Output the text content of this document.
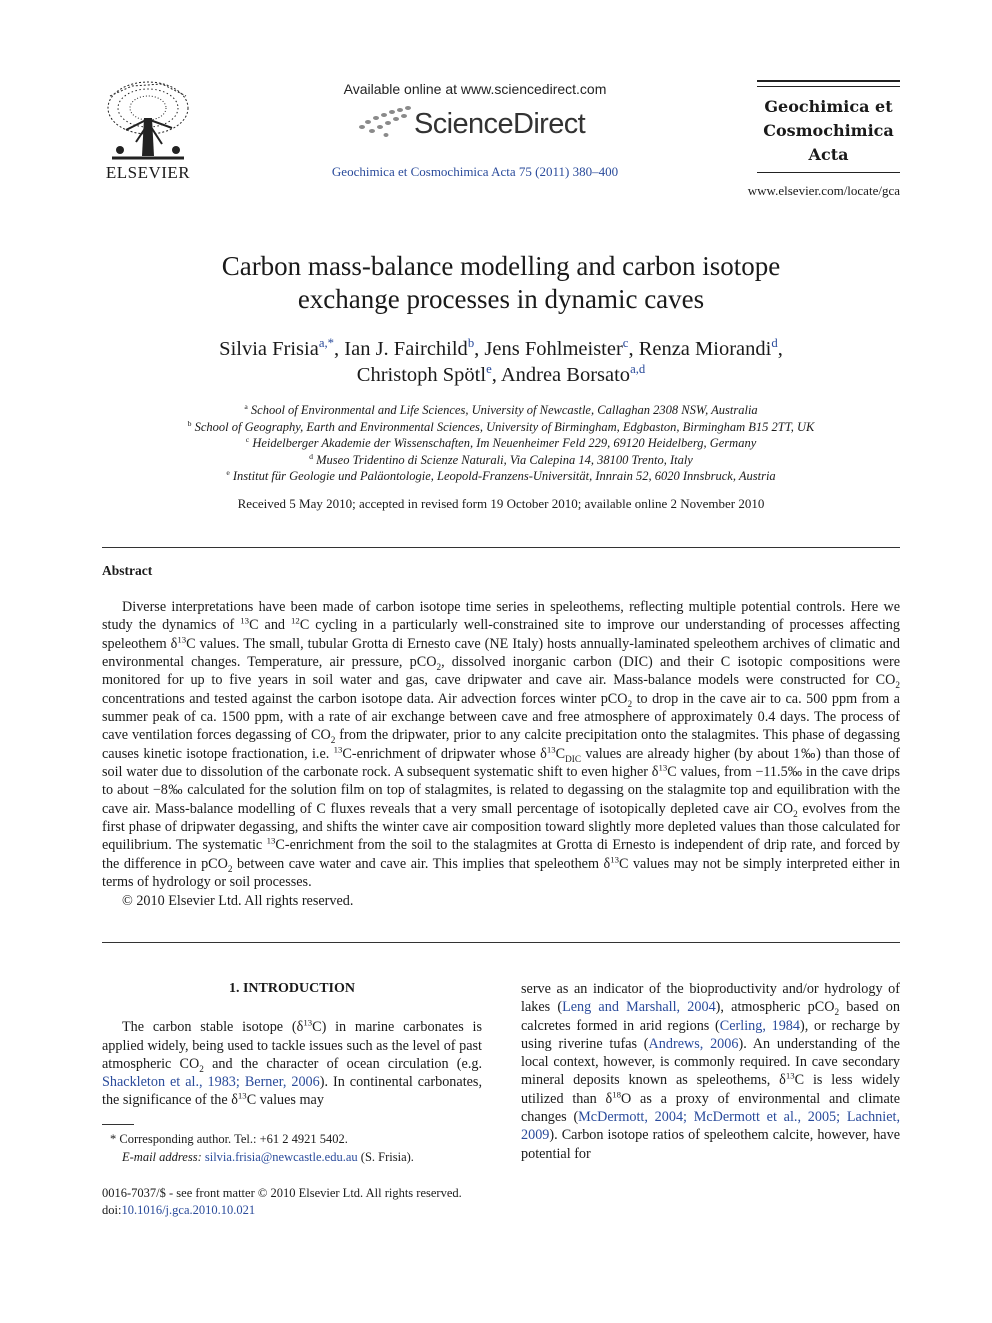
ELSEVIER
Available online at www.sciencedirect.com
ScienceDirect
Geochimica et Cosmochimica Acta 75 (2011) 380–400
Geochimica et
Cosmochimica
Acta
www.elsevier.com/locate/gca
Carbon mass-balance modelling and carbon isotope
exchange processes in dynamic caves
Silvia Frisia$^{a,*}$, Ian J. Fairchild$^b$, Jens Fohlmeister$^c$, Renza Miorandi$^d$,
Christoph Spötl$^e$, Andrea Borsato$^{a,d}$
$^a$ School of Environmental and Life Sciences, University of Newcastle, Callaghan 2308 NSW, Australia
$^b$ School of Geography, Earth and Environmental Sciences, University of Birmingham, Edgbaston, Birmingham B15 2TT, UK
$^c$ Heidelberger Akademie der Wissenschaften, Im Neuenheimer Feld 229, 69120 Heidelberg, Germany
$^d$ Museo Tridentino di Scienze Naturali, Via Calepina 14, 38100 Trento, Italy
$^e$ Institut für Geologie und Paläontologie, Leopold-Franzens-Universität, Innrain 52, 6020 Innsbruck, Austria
Received 5 May 2010; accepted in revised form 19 October 2010; available online 2 November 2010
Abstract

Diverse interpretations have been made of carbon isotope time series in speleothems, reflecting multiple potential controls. Here we study the dynamics of $^{13}$C and $^{12}$C cycling in a particularly well-constrained site to improve our understanding of processes affecting speleothem $\delta^{13}C$ values. The small, tubular Grotta di Ernesto cave (NE Italy) hosts annually-laminated speleothem archives of climatic and environmental changes. Temperature, air pressure, pCO$_2$, dissolved inorganic carbon (DIC) and their C isotopic compositions were monitored for up to five years in soil water and gas, cave dripwater and cave air. Mass-balance models were constructed for $CO_2$ concentrations and tested against the carbon isotope data. Air advection forces winter pCO$_2$ to drop in the cave air to ca. 500 ppm from a summer peak of ca. 1500 ppm, with a rate of air exchange between cave and free atmosphere of approximately 0.4 days. The process of cave ventilation forces degassing of $CO_2$ from the dripwater, prior to any calcite precipitation onto the stalagmites. This phase of degassing causes kinetic isotope fractionation, i.e. $^{13}$C-enrichment of dripwater whose $\delta^{13}C_{DIC}$ values are already higher (by about 1‰) than those of soil water due to dissolution of the carbonate rock. A subsequent systematic shift to even higher $\delta^{13}C$ values, from −11.5‰ in the cave drips to about −8‰ calculated for the solution film on top of stalagmites, is related to degassing on the stalagmite top and equilibration with the cave air. Mass-balance modelling of C fluxes reveals that a very small percentage of isotopically depleted cave air $CO_2$ evolves from the first phase of dripwater degassing, and shifts the winter cave air composition toward slightly more depleted values than those calculated for equilibrium. The systematic $^{13}$C-enrichment from the soil to the stalagmites at Grotta di Ernesto is independent of drip rate, and forced by the difference in pCO$_2$ between cave water and cave air. This implies that speleothem $\delta^{13}C$ values may not be simply interpreted either in terms of hydrology or soil processes.

© 2010 Elsevier Ltd. All rights reserved.

1. INTRODUCTION

The carbon stable isotope $(\delta^{13}C)$ in marine carbonates is applied widely, being used to tackle issues such as the level of past atmospheric $CO_2$ and the character of ocean circulation (e.g. Shackleton et al., 1983; Berner, 2006). In continental carbonates, the significance of the $\delta^{13}C$ values may

* Corresponding author. Tel.: +61 2 4921 5402.
E-mail address: silvia.frisia@newcastle.edu.au (S. Frisia).
0016-7037/$ - see front matter © 2010 Elsevier Ltd. All rights reserved.
doi:10.1016/j.gca.2010.10.021

serve as an indicator of the bioproductivity and/or hydrology of lakes (Leng and Marshall, 2004), atmospheric pCO$_2$ based on calcretes formed in arid regions (Cerling, 1984), or recharge by using riverine tufas (Andrews, 2006). An understanding of the local context, however, is commonly required. In cave secondary mineral deposits known as speleothems, $\delta^{13}C$ is less widely utilized than $\delta^{18}O$ as a proxy of environmental and climate changes (McDermott, 2004; McDermott et al., 2005; Lachniet, 2009). Carbon isotope ratios of speleothem calcite, however, have potential for
